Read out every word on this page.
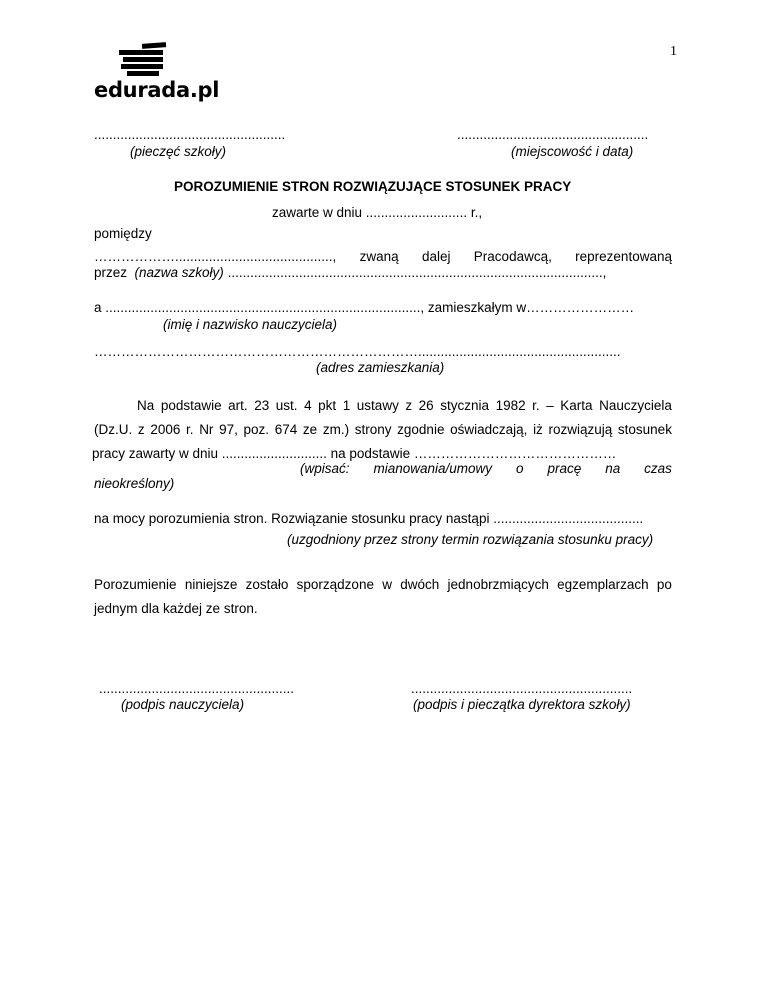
1
edurada.pl
...................................................
(pieczęć szkoły)
...................................................
(miejscowość i data)
POROZUMIENIE STRON ROZWIĄZUJĄCE STOSUNEK PRACY
zawarte w dniu ........................... r.,
pomiędzy
……………….........................................., zwaną dalej Pracodawcą, reprezentowaną
przez (nazwa szkoły) ....................................................................................................,
a ...................................................................................., zamieszkałym w……………………
(imię i nazwisko nauczyciela)
………………………………………………………………......................................................
(adres zamieszkania)
Na podstawie art. 23 ust. 4 pkt 1 ustawy z 26 stycznia 1982 r. – Karta Nauczyciela
(Dz.U. z 2006 r. Nr 97, poz. 674 ze zm.) strony zgodnie oświadczają, iż rozwiązują stosunek
pracy zawarty w dniu ............................ na podstawie ………………………………………
(wpisać: mianowania/umowy o pracę na czas
nieokreślony)
na mocy porozumienia stron. Rozwiązanie stosunku pracy nastąpi ........................................
(uzgodniony przez strony termin rozwiązania stosunku pracy)
Porozumienie niniejsze zostało sporządzone w dwóch jednobrzmiących egzemplarzach po
jednym dla każdej ze stron.
....................................................
(podpis nauczyciela)
...........................................................
(podpis i pieczątka dyrektora szkoły)
